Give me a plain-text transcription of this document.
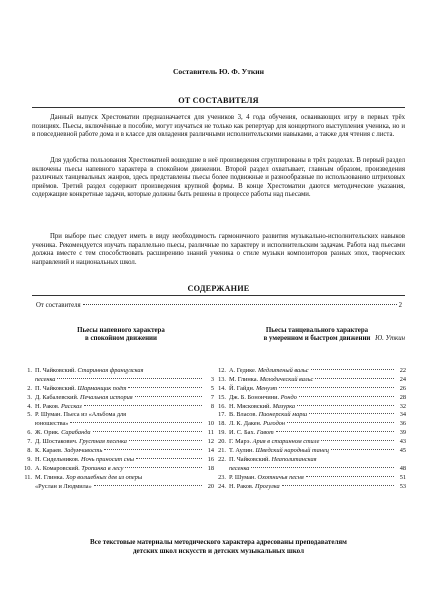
Составитель Ю. Ф. Уткин
ОТ СОСТАВИТЕЛЯ

Данный выпуск Хрестоматии предназначается для учеников 3, 4 года обучения, осваивающих игру в первых трёх позициях. Пьесы, включённые в пособие, могут изучаться не только как репертуар для концертного выступления ученика, но и в повседневной работе дома и в классе для овладения различными исполнительскими навыками, а также для чтения с листа.

Для удобства пользования Хрестоматией вошедшие в неё произведения сгруппированы в трёх разделах. В первый раздел включены пьесы напевного характера в спокойном движении. Второй раздел охватывает, главным образом, произведения различных танцевальных жанров, здесь представлены пьесы более подвижные и разнообразные по использованию штриховых приёмов. Третий раздел содержит произведения крупной формы. В конце Хрестоматии даются методические указания, содержащие конкретные задачи, которые должны быть решены в процессе работы над пьесами.

При выборе пьес следует иметь в виду необходимость гармоничного развития музыкально-исполнительских навыков ученика. Рекомендуется изучать параллельно пьесы, различные по характеру и исполнительским задачам. Работа над пьесами должна вместе с тем способствовать расширению знаний ученика о стиле музыки композиторов разных эпох, творческих направлений и национальных школ.

Ю. Уткин
СОДЕРЖАНИЕ
От составителя	2
Пьесы напевного характера
в спокойном движении
Пьесы танцевального характера
в умеренном и быстром движении
1. П. Чайковский. Старинная французская
песенка	3
2. П. Чайковский. Шарманщик поёт	5
3. Д. Кабалевский. Печальная история	7
4. Н. Раков. Рассказ	8
5. Р. Шуман. Пьеса из «Альбома для
юношества»	10
6. Ж. Орик. Сарабанда	11
7. Д. Шостакович. Грустная песенка	12
8. К. Караев. Задумчивость	14
9. Н. Сидельников. Ночь приносит сны	16
10. А. Комаровский. Тропинка в лесу	18
11. М. Глинка. Хор волшебных дев из оперы
«Руслан и Людмила»	20
12. А. Гедике. Медлитеный вальс	22
13. М. Глинка. Мелодический вальс	24
14. Й. Гайдн. Менуэт	26
15. Дж. Б. Бонончини. Рондо	28
16. Н. Мясковский. Мазурка	32
17. В. Власов. Пионерский марш	34
18. Л. К. Дакен. Ригодон	36
19. И. С. Бах. Гавот	39
20. Г. Марэ. Ария в старинном стиле	43
21. Т. Аулин. Шведский народный танец	45
22. П. Чайковский. Неаполитанская
песенка	48
23. Р. Шуман. Охотничья песня	51
24. Н. Раков. Прогулка	53
Все текстовые материалы методического характера адресованы преподавателям
детских школ искусств и детских музыкальных школ
